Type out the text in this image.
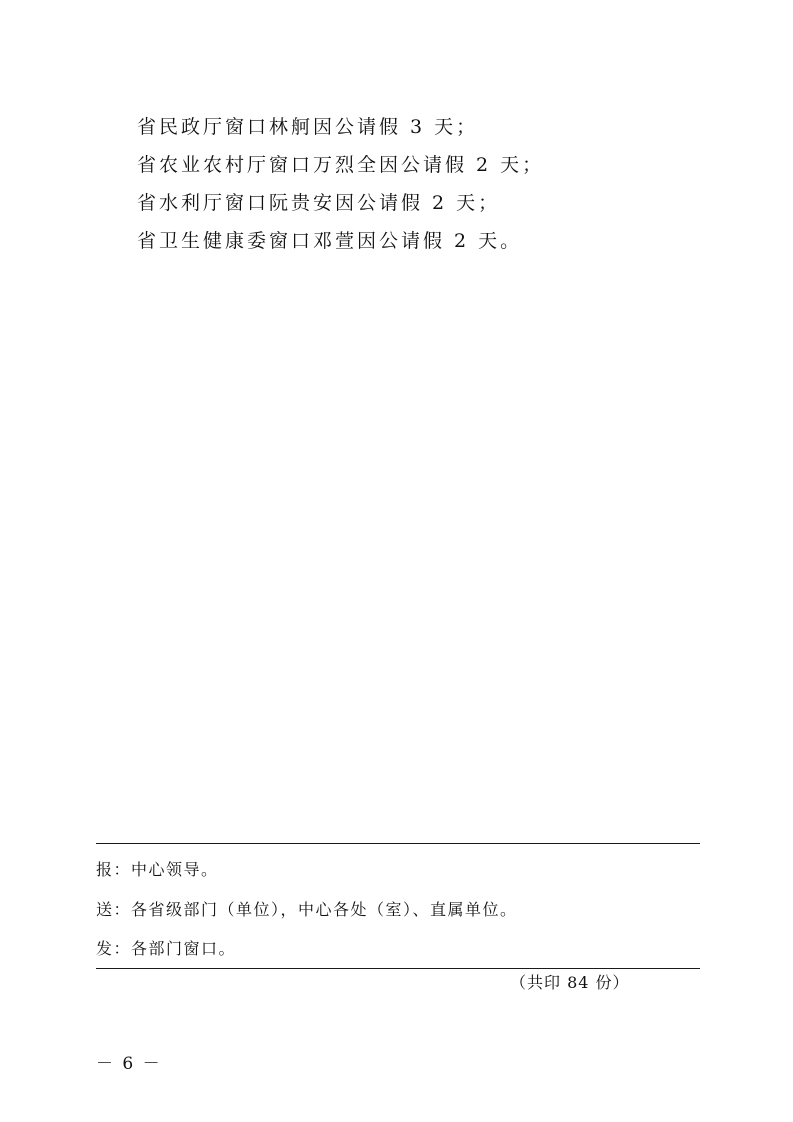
省民政厅窗口林舸因公请假 3 天；
省农业农村厅窗口万烈全因公请假 2 天；
省水利厅窗口阮贵安因公请假 2 天；
省卫生健康委窗口邓萱因公请假 2 天。
报：中心领导。
送：各省级部门（单位），中心各处（室）、直属单位。
发：各部门窗口。
（共印 84 份）
－ 6 －
